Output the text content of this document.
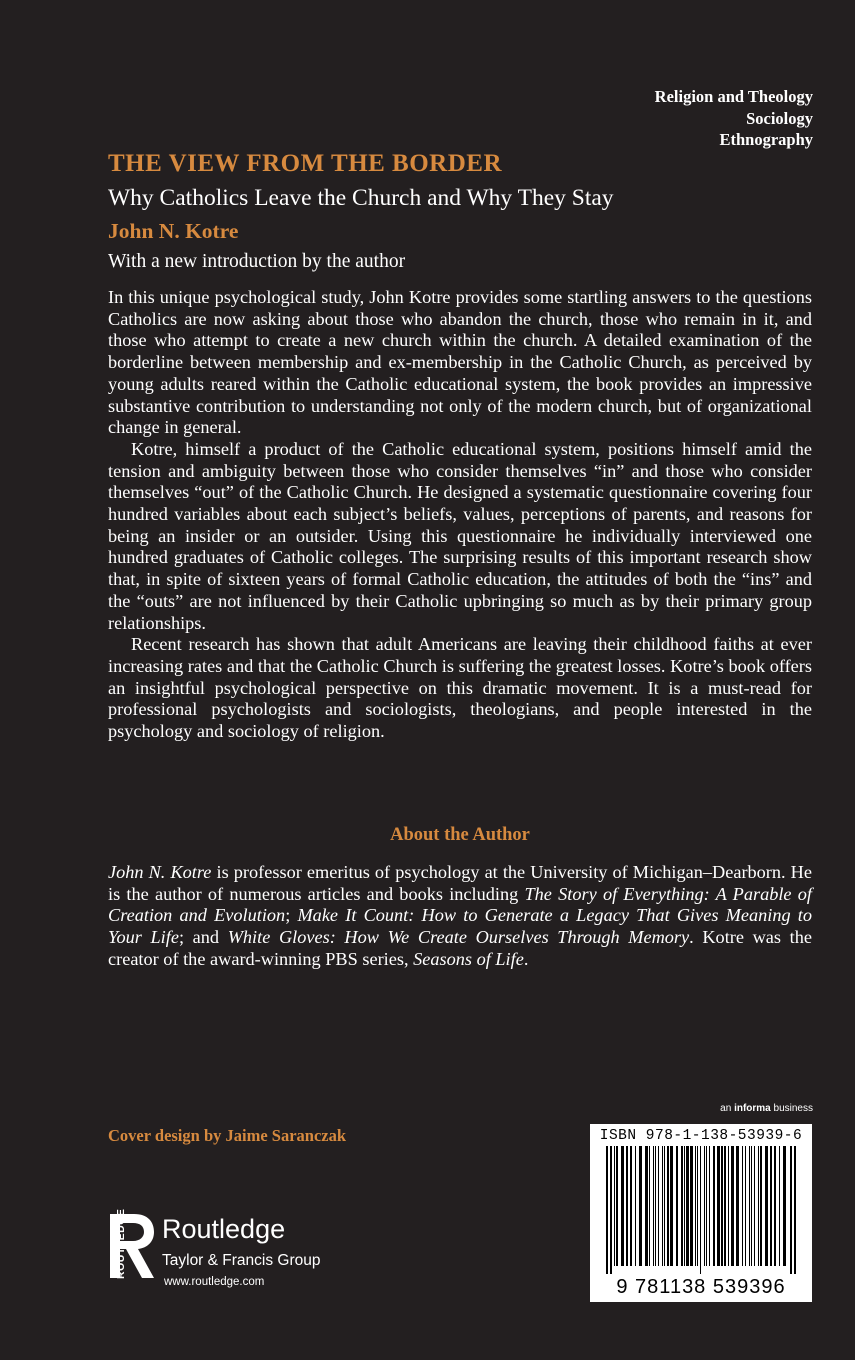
Religion and Theology
Sociology
Ethnography
THE VIEW FROM THE BORDER
Why Catholics Leave the Church and Why They Stay
John N. Kotre
With a new introduction by the author

In this unique psychological study, John Kotre provides some startling answers to the questions Catholics are now asking about those who abandon the church, those who remain in it, and those who attempt to create a new church within the church. A detailed examination of the borderline between membership and ex-membership in the Catholic Church, as perceived by young adults reared within the Catholic educational system, the book provides an impressive substantive contribution to understanding not only of the modern church, but of organizational change in general.

Kotre, himself a product of the Catholic educational system, positions himself amid the tension and ambiguity between those who consider themselves “in” and those who consider themselves “out” of the Catholic Church. He designed a systematic questionnaire covering four hundred variables about each subject’s beliefs, values, perceptions of parents, and reasons for being an insider or an outsider. Using this questionnaire he individually interviewed one hundred graduates of Catholic colleges. The surprising results of this important research show that, in spite of sixteen years of formal Catholic education, the attitudes of both the “ins” and the “outs” are not influenced by their Catholic upbringing so much as by their primary group relationships.

Recent research has shown that adult Americans are leaving their childhood faiths at ever increasing rates and that the Catholic Church is suffering the greatest losses. Kotre’s book offers an insightful psychological perspective on this dramatic movement. It is a must-read for professional psychologists and sociologists, theologians, and people interested in the psychology and sociology of religion.

About the Author

John N. Kotre is professor emeritus of psychology at the University of Michigan–Dearborn. He is the author of numerous articles and books including The Story of Everything: A Parable of Creation and Evolution; Make It Count: How to Generate a Legacy That Gives Meaning to Your Life; and White Gloves: How We Create Ourselves Through Memory. Kotre was the creator of the award-winning PBS series, Seasons of Life.

an informa business
Cover design by Jaime Saranczak	ISBN 978-1-138-53939-6
9 781138 539396
ROUTLEDGE Routledge
Taylor & Francis Group
www.routledge.com
